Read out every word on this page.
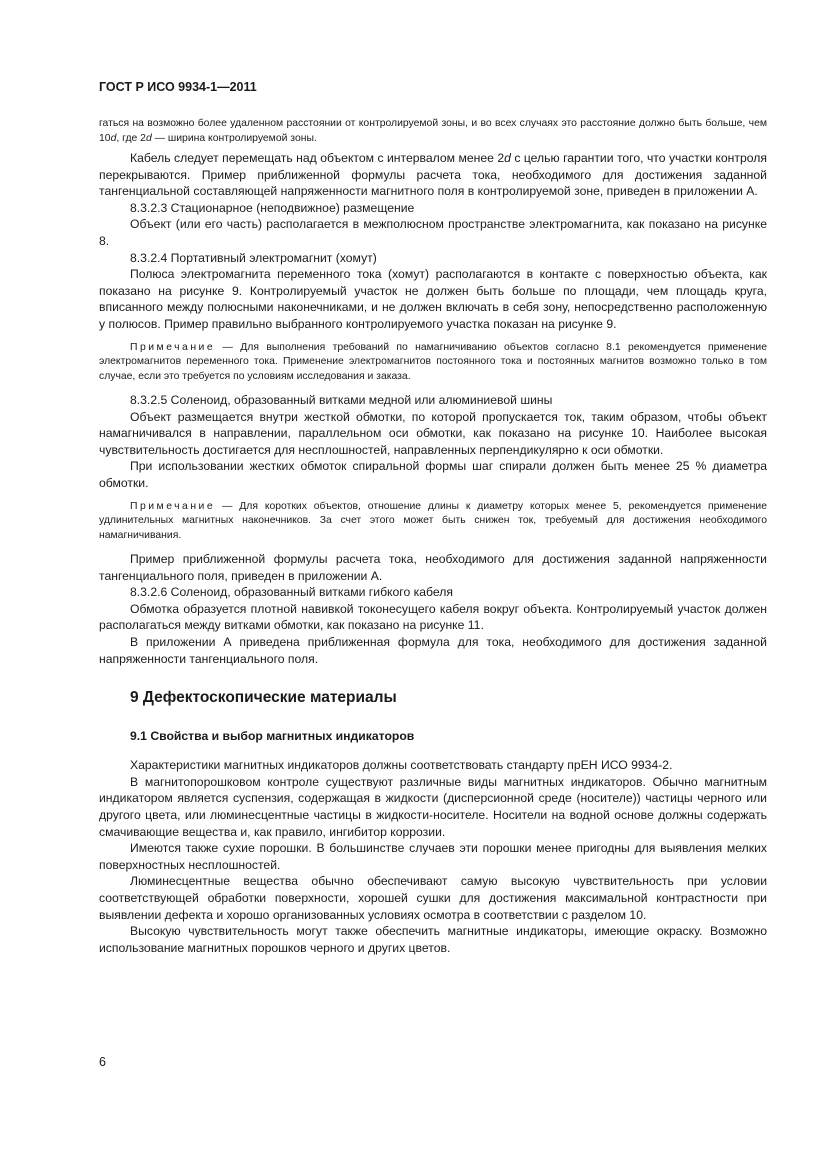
ГОСТ Р ИСО 9934-1—2011

гаться на возможно более удаленном расстоянии от контролируемой зоны, и во всех случаях это расстояние должно быть больше, чем 10d, где 2d — ширина контролируемой зоны.

Кабель следует перемещать над объектом с интервалом менее 2d с целью гарантии того, что участки контроля перекрываются. Пример приближенной формулы расчета тока, необходимого для достижения заданной тангенциальной составляющей напряженности магнитного поля в контролируемой зоне, приведен в приложении А.

8.3.2.3 Стационарное (неподвижное) размещение

Объект (или его часть) располагается в межполюсном пространстве электромагнита, как показано на рисунке 8.

8.3.2.4 Портативный электромагнит (хомут)

Полюса электромагнита переменного тока (хомут) располагаются в контакте с поверхностью объекта, как показано на рисунке 9. Контролируемый участок не должен быть больше по площади, чем площадь круга, вписанного между полюсными наконечниками, и не должен включать в себя зону, непосредственно расположенную у полюсов. Пример правильно выбранного контролируемого участка показан на рисунке 9.

Примечание — Для выполнения требований по намагничиванию объектов согласно 8.1 рекомендуется применение электромагнитов переменного тока. Применение электромагнитов постоянного тока и постоянных магнитов возможно только в том случае, если это требуется по условиям исследования и заказа.

8.3.2.5 Соленоид, образованный витками медной или алюминиевой шины

Объект размещается внутри жесткой обмотки, по которой пропускается ток, таким образом, чтобы объект намагничивался в направлении, параллельном оси обмотки, как показано на рисунке 10. Наиболее высокая чувствительность достигается для несплошностей, направленных перпендикулярно к оси обмотки.

При использовании жестких обмоток спиральной формы шаг спирали должен быть менее 25 % диаметра обмотки.

Примечание — Для коротких объектов, отношение длины к диаметру которых менее 5, рекомендуется применение удлинительных магнитных наконечников. За счет этого может быть снижен ток, требуемый для достижения необходимого намагничивания.

Пример приближенной формулы расчета тока, необходимого для достижения заданной напряженности тангенциального поля, приведен в приложении А.

8.3.2.6 Соленоид, образованный витками гибкого кабеля

Обмотка образуется плотной навивкой токонесущего кабеля вокруг объекта. Контролируемый участок должен располагаться между витками обмотки, как показано на рисунке 11.

В приложении А приведена приближенная формула для тока, необходимого для достижения заданной напряженности тангенциального поля.

9 Дефектоскопические материалы
9.1 Свойства и выбор магнитных индикаторов

Характеристики магнитных индикаторов должны соответствовать стандарту прЕН ИСО 9934-2.

В магнитопорошковом контроле существуют различные виды магнитных индикаторов. Обычно магнитным индикатором является суспензия, содержащая в жидкости (дисперсионной среде (носителе)) частицы черного или другого цвета, или люминесцентные частицы в жидкости-носителе. Носители на водной основе должны содержать смачивающие вещества и, как правило, ингибитор коррозии.

Имеются также сухие порошки. В большинстве случаев эти порошки менее пригодны для выявления мелких поверхностных несплошностей.

Люминесцентные вещества обычно обеспечивают самую высокую чувствительность при условии соответствующей обработки поверхности, хорошей сушки для достижения максимальной контрастности при выявлении дефекта и хорошо организованных условиях осмотра в соответствии с разделом 10.

Высокую чувствительность могут также обеспечить магнитные индикаторы, имеющие окраску. Возможно использование магнитных порошков черного и других цветов.

6
